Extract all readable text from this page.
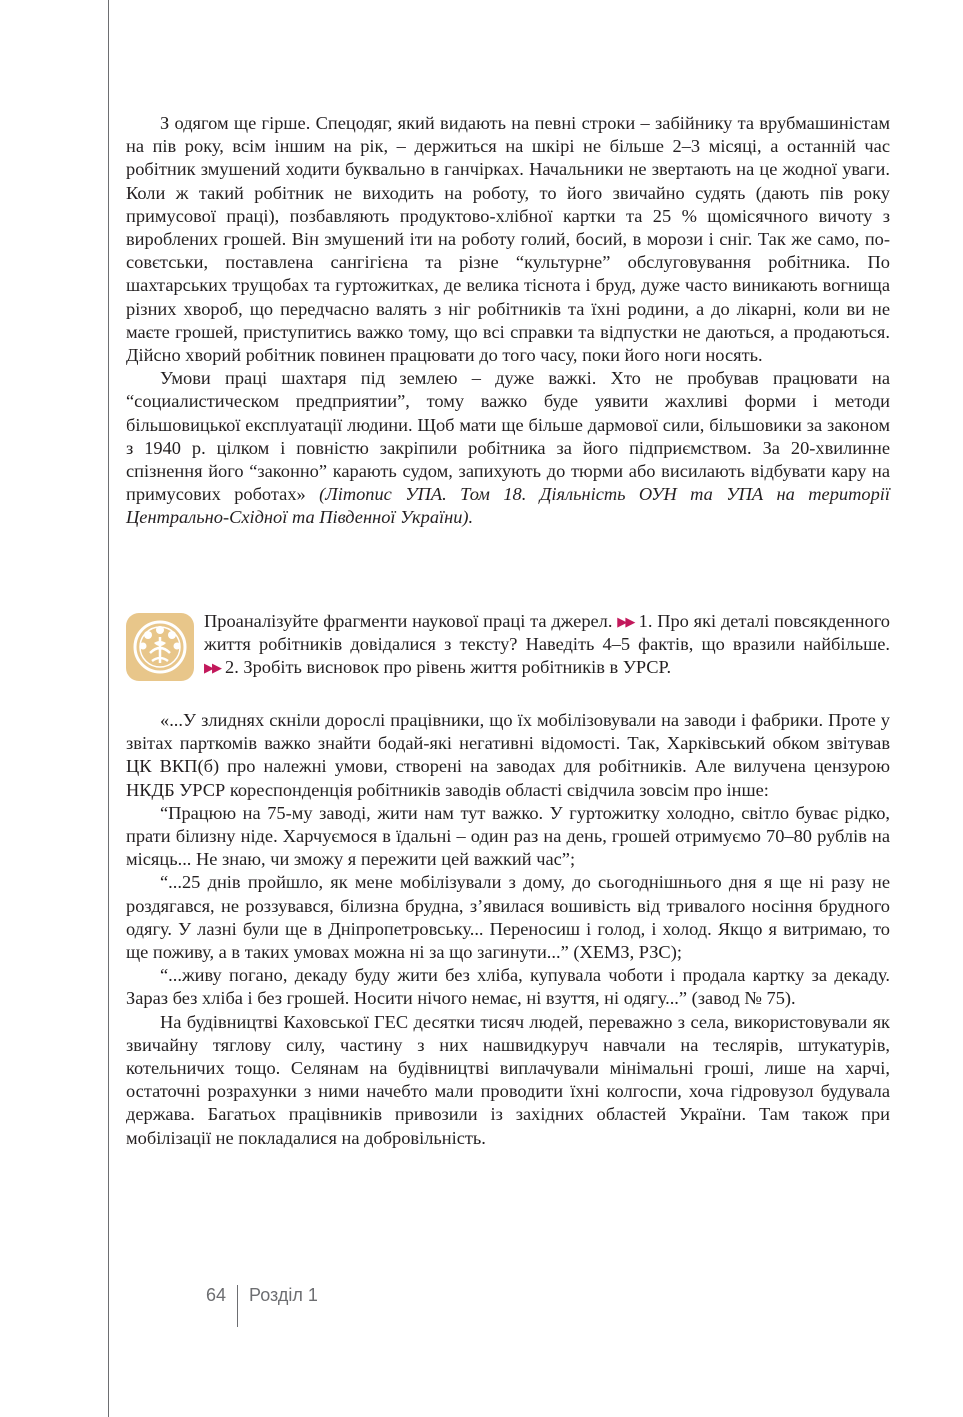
З одягом ще гірше. Спецодяг, який видають на певні строки – забійнику та врубмашиністам на пів року, всім іншим на рік, – держиться на шкірі не більше 2–3 місяці, а останній час робітник змушений ходити буквально в ганчірках. Начальники не звертають на це жодної уваги. Коли ж такий робітник не виходить на роботу, то його звичайно судять (дають пів року примусової праці), позбавляють продуктово-хлібної картки та 25 % щомісячного вичоту з вироблених грошей. Він змушений іти на роботу голий, босий, в морози і сніг. Так же само, посовєтськи, поставлена сангігієна та різне “культурне” обслуговування робітника. По шахтарських трущобах та гуртожитках, де велика тіснота і бруд, дуже часто виникають вогнища різних хвороб, що передчасно валять з ніг робітників та їхні родини, а до лікарні, коли ви не маєте грошей, приступитись важко тому, що всі справки та відпустки не даються, а продаються. Дійсно хворий робітник повинен працювати до того часу, поки його ноги носять.

Умови праці шахтаря під землею – дуже важкі. Хто не пробував працювати на “социалистическом предприятии”, тому важко буде уявити жахливі форми і методи більшовицької експлуатації людини. Щоб мати ще більше дармової сили, більшовики за законом з 1940 р. цілком і повністю закріпили робітника за його підприємством. За 20-хвилинне спізнення його “законно” карають судом, запихують до тюрми або висилають відбувати кару на примусових роботах» (Літопис УПА. Том 18. Діяльність ОУН та УПА на території Центрально-Східної та Південної України).

Проаналізуйте фрагменти наукової праці та джерел. ▶▶ 1. Про які деталі повсякденного життя робітників довідалися з тексту? Наведіть 4–5 фактів, що вразили найбільше. ▶▶ 2. Зробіть висновок про рівень життя робітників в УРСР.

«...У злиднях скніли дорослі працівники, що їх мобілізовували на заводи і фабрики. Проте у звітах парткомів важко знайти бодай-які негативні відомості. Так, Харківський обком звітував ЦК ВКП(б) про належні умови, створені на заводах для робітників. Але вилучена цензурою НКДБ УРСР кореспонденція робітників заводів області свідчила зовсім про інше:

“Працюю на 75-му заводі, жити нам тут важко. У гуртожитку холодно, світло буває рідко, прати білизну ніде. Харчуємося в їдальні – один раз на день, грошей отримуємо 70–80 рублів на місяць... Не знаю, чи зможу я пережити цей важкий час”;

“...25 днів пройшло, як мене мобілізували з дому, до сьогоднішнього дня я ще ні разу не роздягався, не роззувався, білизна брудна, з’явилася вошивість від тривалого носіння брудного одягу. У лазні були ще в Дніпропетровську... Переносиш і голод, і холод. Якщо я витримаю, то ще поживу, а в таких умовах можна ні за що загинути...” (ХЕМЗ, РЗС);

“...живу погано, декаду буду жити без хліба, купувала чоботи і продала картку за декаду. Зараз без хліба і без грошей. Носити нічого немає, ні взуття, ні одягу...” (завод № 75).

На будівництві Каховської ГЕС десятки тисяч людей, переважно з села, використовували як звичайну тяглову силу, частину з них нашвидкуруч навчали на теслярів, штукатурів, котельничих тощо. Селянам на будівництві виплачували мінімальні гроші, лише на харчі, остаточні розрахунки з ними начебто мали проводити їхні колгоспи, хоча гідровузол будувала держава. Багатьох працівників привозили із західних областей України. Там також при мобілізації не покладалися на добровільність.

64 Розділ 1
